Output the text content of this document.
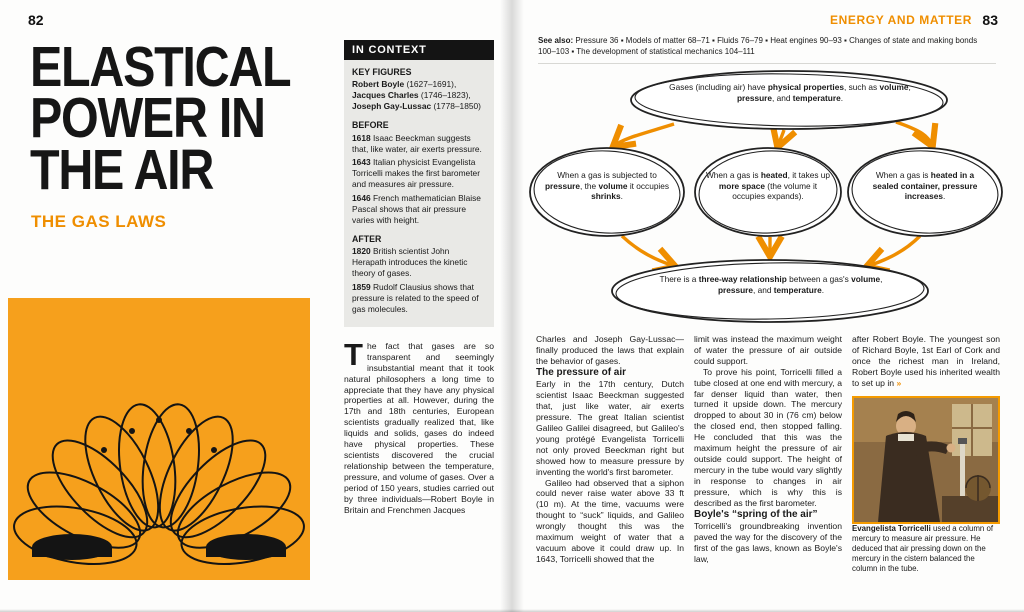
82
ELASTICAL
POWER IN
THE AIR
THE GAS LAWS
IN CONTEXT

KEY FIGURES

Robert Boyle (1627–1691), Jacques Charles (1746–1823), Joseph Gay-Lussac (1778–1850)

BEFORE

1618 Isaac Beeckman suggests that, like water, air exerts pressure.

1643 Italian physicist Evangelista Torricelli makes the first barometer and measures air pressure.

1646 French mathematician Blaise Pascal shows that air pressure varies with height.

AFTER

1820 British scientist John Herapath introduces the kinetic theory of gases.

1859 Rudolf Clausius shows that pressure is related to the speed of gas molecules.

The fact that gases are so transparent and seemingly insubstantial meant that it took natural philosophers a long time to appreciate that they have any physical properties at all. However, during the 17th and 18th centuries, European scientists gradually realized that, like liquids and solids, gases do indeed have physical properties. These scientists discovered the crucial relationship between the temperature, pressure, and volume of gases. Over a period of 150 years, studies carried out by three individuals—Robert Boyle in Britain and Frenchmen Jacques
ENERGY AND MATTER 83
See also: Pressure 36 ▪ Models of matter 68–71 ▪ Fluids 76–79 ▪ Heat engines 90–93 ▪ Changes of state and making bonds 100–103 ▪ The development of statistical mechanics 104–111
Gases (including air) have physical properties, such as volume, pressure, and temperature.
When a gas is subjected to pressure, the volume it occupies shrinks.
When a gas is heated, it takes up more space (the volume it occupies expands).
When a gas is heated in a sealed container, pressure increases.
There is a three-way relationship between a gas's volume, pressure, and temperature.

Charles and Joseph Gay-Lussac—finally produced the laws that explain the behavior of gases.

The pressure of air

Early in the 17th century, Dutch scientist Isaac Beeckman suggested that, just like water, air exerts pressure. The great Italian scientist Galileo Galilei disagreed, but Galileo's young protégé Evangelista Torricelli not only proved Beeckman right but showed how to measure pressure by inventing the world's first barometer.

Galileo had observed that a siphon could never raise water above 33 ft (10 m). At the time, vacuums were thought to “suck” liquids, and Galileo wrongly thought this was the maximum weight of water that a vacuum above it could draw up. In 1643, Torricelli showed that the

limit was instead the maximum weight of water the pressure of air outside could support.

To prove his point, Torricelli filled a tube closed at one end with mercury, a far denser liquid than water, then turned it upside down. The mercury dropped to about 30 in (76 cm) below the closed end, then stopped falling. He concluded that this was the maximum height the pressure of air outside could support. The height of mercury in the tube would vary slightly in response to changes in air pressure, which is why this is described as the first barometer.

Boyle's “spring of the air”

Torricelli's groundbreaking invention paved the way for the discovery of the first of the gas laws, known as Boyle's law,

after Robert Boyle. The youngest son of Richard Boyle, 1st Earl of Cork and once the richest man in Ireland, Robert Boyle used his inherited wealth to set up in »

Evangelista Torricelli used a column of mercury to measure air pressure. He deduced that air pressing down on the mercury in the cistern balanced the column in the tube.
